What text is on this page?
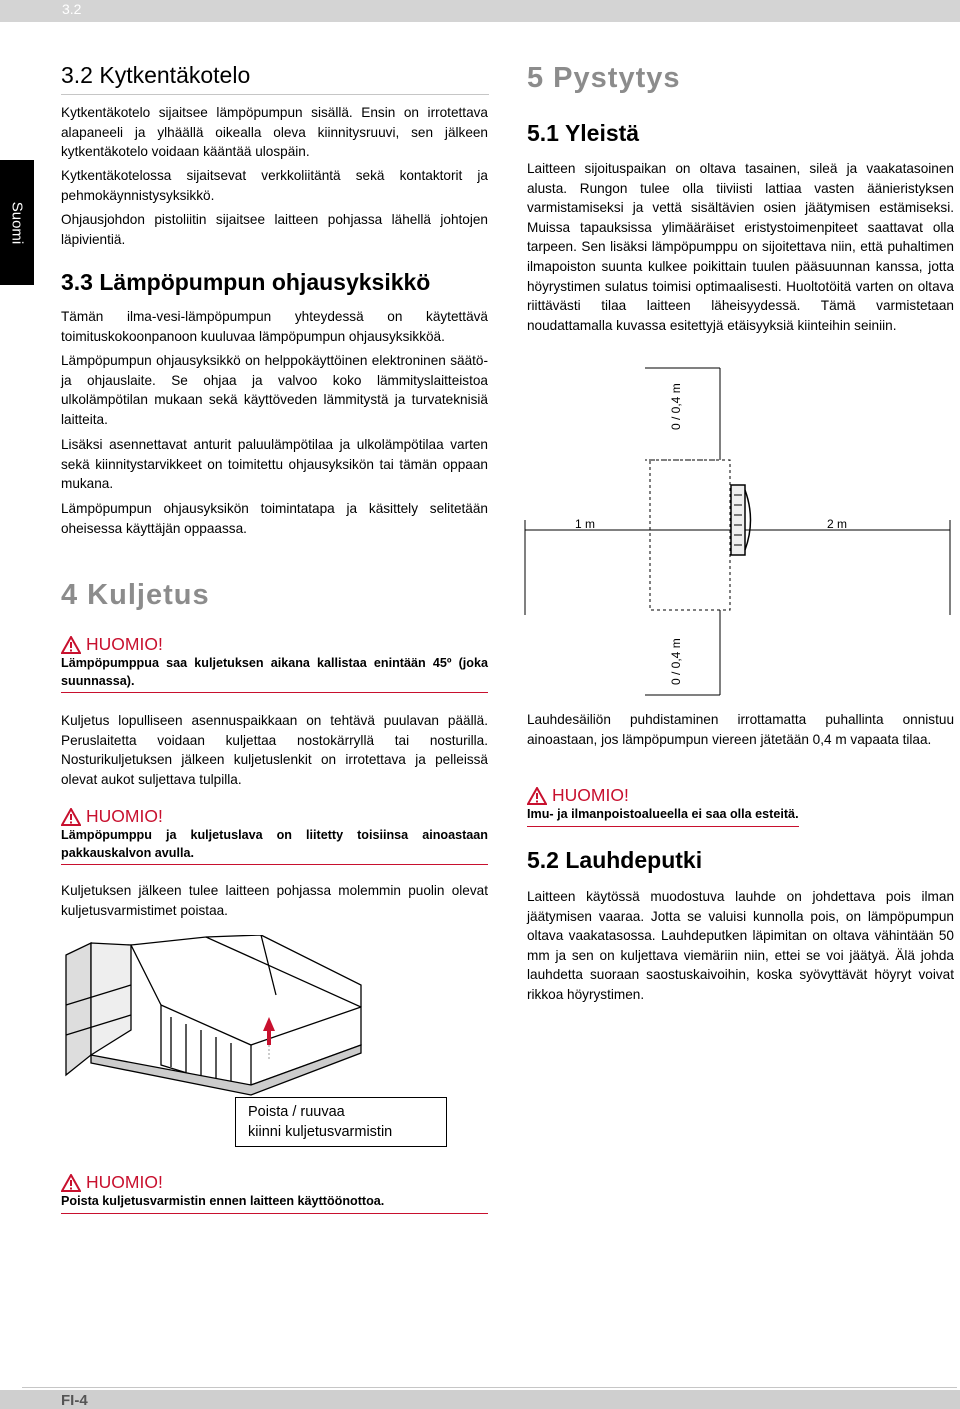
3.2
Suomi
FI-4
3.2 Kytkentäkotelo

Kytkentäkotelo sijaitsee lämpöpumpun sisällä. Ensin on irrotettava alapaneeli ja ylhäällä oikealla oleva kiinnitysruuvi, sen jälkeen kytkentäkotelo voidaan kääntää ulospäin.

Kytkentäkotelossa sijaitsevat verkkoliitäntä sekä kontaktorit ja pehmokäynnistysyksikkö.

Ohjausjohdon pistoliitin sijaitsee laitteen pohjassa lähellä johtojen läpivientiä.

3.3 Lämpöpumpun ohjausyksikkö

Tämän ilma-vesi-lämpöpumpun yhteydessä on käytettävä toimituskokoonpanoon kuuluvaa lämpöpumpun ohjausyksikköä.

Lämpöpumpun ohjausyksikkö on helppokäyttöinen elektroninen säätö- ja ohjauslaite. Se ohjaa ja valvoo koko lämmityslaitteistoa ulkolämpötilan mukaan sekä käyttöveden lämmitystä ja turvateknisiä laitteita.

Lisäksi asennettavat anturit paluulämpötilaa ja ulkolämpötilaa varten sekä kiinnitystarvikkeet on toimitettu ohjausyksikön tai tämän oppaan mukana.

Lämpöpumpun ohjausyksikön toimintatapa ja käsittely selitetään oheisessa käyttäjän oppaassa.

4 Kuljetus
HUOMIO!
Lämpöpumppua saa kuljetuksen aikana kallistaa enintään 45º (joka suunnassa).

Kuljetus lopulliseen asennuspaikkaan on tehtävä puulavan päällä. Peruslaitetta voidaan kuljettaa nostokärryllä tai nosturilla. Nosturikuljetuksen jälkeen kuljetuslenkit on irrotettava ja pelleissä olevat aukot suljettava tulpilla.

HUOMIO!
Lämpöpumppu ja kuljetuslava on liitetty toisiinsa ainoastaan pakkauskalvon avulla.

Kuljetuksen jälkeen tulee laitteen pohjassa molemmin puolin olevat kuljetusvarmistimet poistaa.

Poista / ruuvaa
kiinni kuljetusvarmistin
HUOMIO!
Poista kuljetusvarmistin ennen laitteen käyttöönottoa.
5 Pystytys
5.1 Yleistä

Laitteen sijoituspaikan on oltava tasainen, sileä ja vaakatasoinen alusta. Rungon tulee olla tiiviisti lattiaa vasten äänieristyksen varmistamiseksi ja vettä sisältävien osien jäätymisen estämiseksi. Muissa tapauksissa ylimääräiset eristystoimenpiteet saattavat olla tarpeen. Sen lisäksi lämpöpumppu on sijoitettava niin, että puhaltimen ilmapoiston suunta kulkee poikittain tuulen pääsuunnan kanssa, jotta höyrystimen sulatus toimisi optimaalisesti. Huoltotöitä varten on oltava riittävästi tilaa laitteen läheisyydessä. Tämä varmistetaan noudattamalla kuvassa esitettyjä etäisyyksiä kiinteihin seiniin.

1 m	2 m
0 / 0,4 m
0 / 0,4 m

Lauhdesäiliön puhdistaminen irrottamatta puhallinta onnistuu ainoastaan, jos lämpöpumpun viereen jätetään 0,4 m vapaata tilaa.

HUOMIO!
Imu- ja ilmanpoistoalueella ei saa olla esteitä.
5.2 Lauhdeputki

Laitteen käytössä muodostuva lauhde on johdettava pois ilman jäätymisen vaaraa. Jotta se valuisi kunnolla pois, on lämpöpumpun oltava vaakatasossa. Lauhdeputken läpimitan on oltava vähintään 50 mm ja sen on kuljettava viemäriin niin, ettei se voi jäätyä. Älä johda lauhdetta suoraan saostuskaivoihin, koska syövyttävät höyryt voivat rikkoa höyrystimen.
